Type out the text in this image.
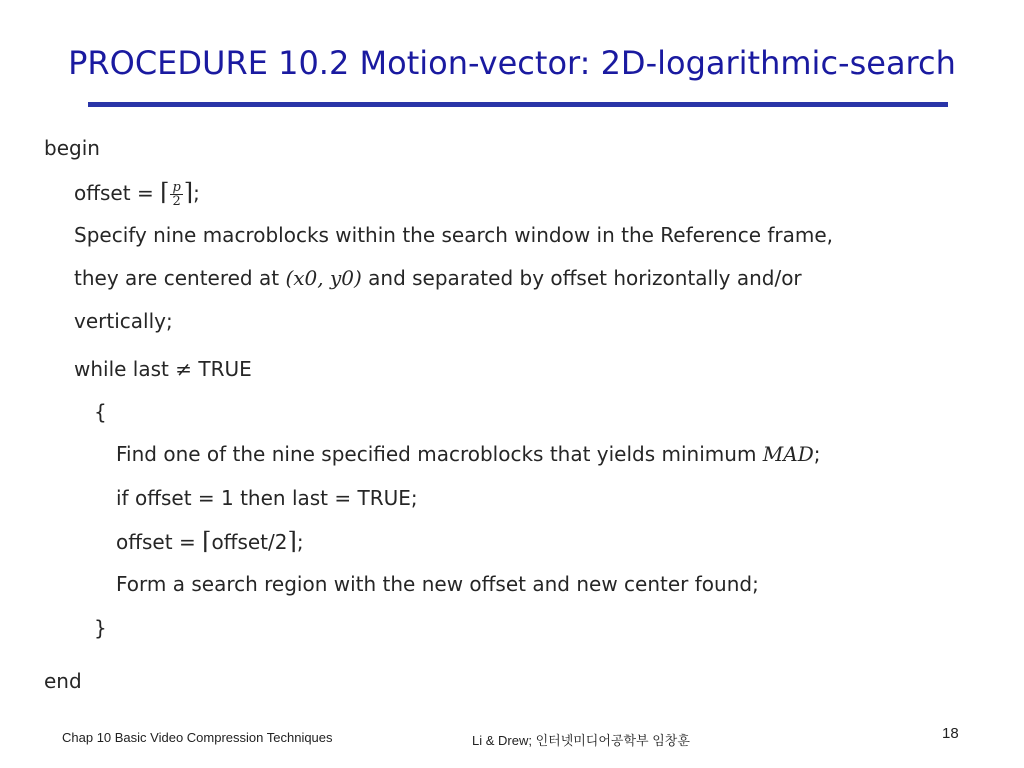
PROCEDURE 10.2 Motion-vector: 2D-logarithmic-search
begin
offset = ⌈ $\frac{p}{2}$ ⌉;
Specify nine macroblocks within the search window in the Reference frame,
they are centered at (x0, y0) and separated by offset horizontally and/or
vertically;
while last ≠ TRUE
{
Find one of the nine specified macroblocks that yields minimum MAD;
if offset = 1 then last = TRUE;
offset = ⌈offset/2⌉;
Form a search region with the new offset and new center found;
}
end
Chap 10 Basic Video Compression Techniques	Li & Drew; 인터넷미디어공학부 임창훈	18
